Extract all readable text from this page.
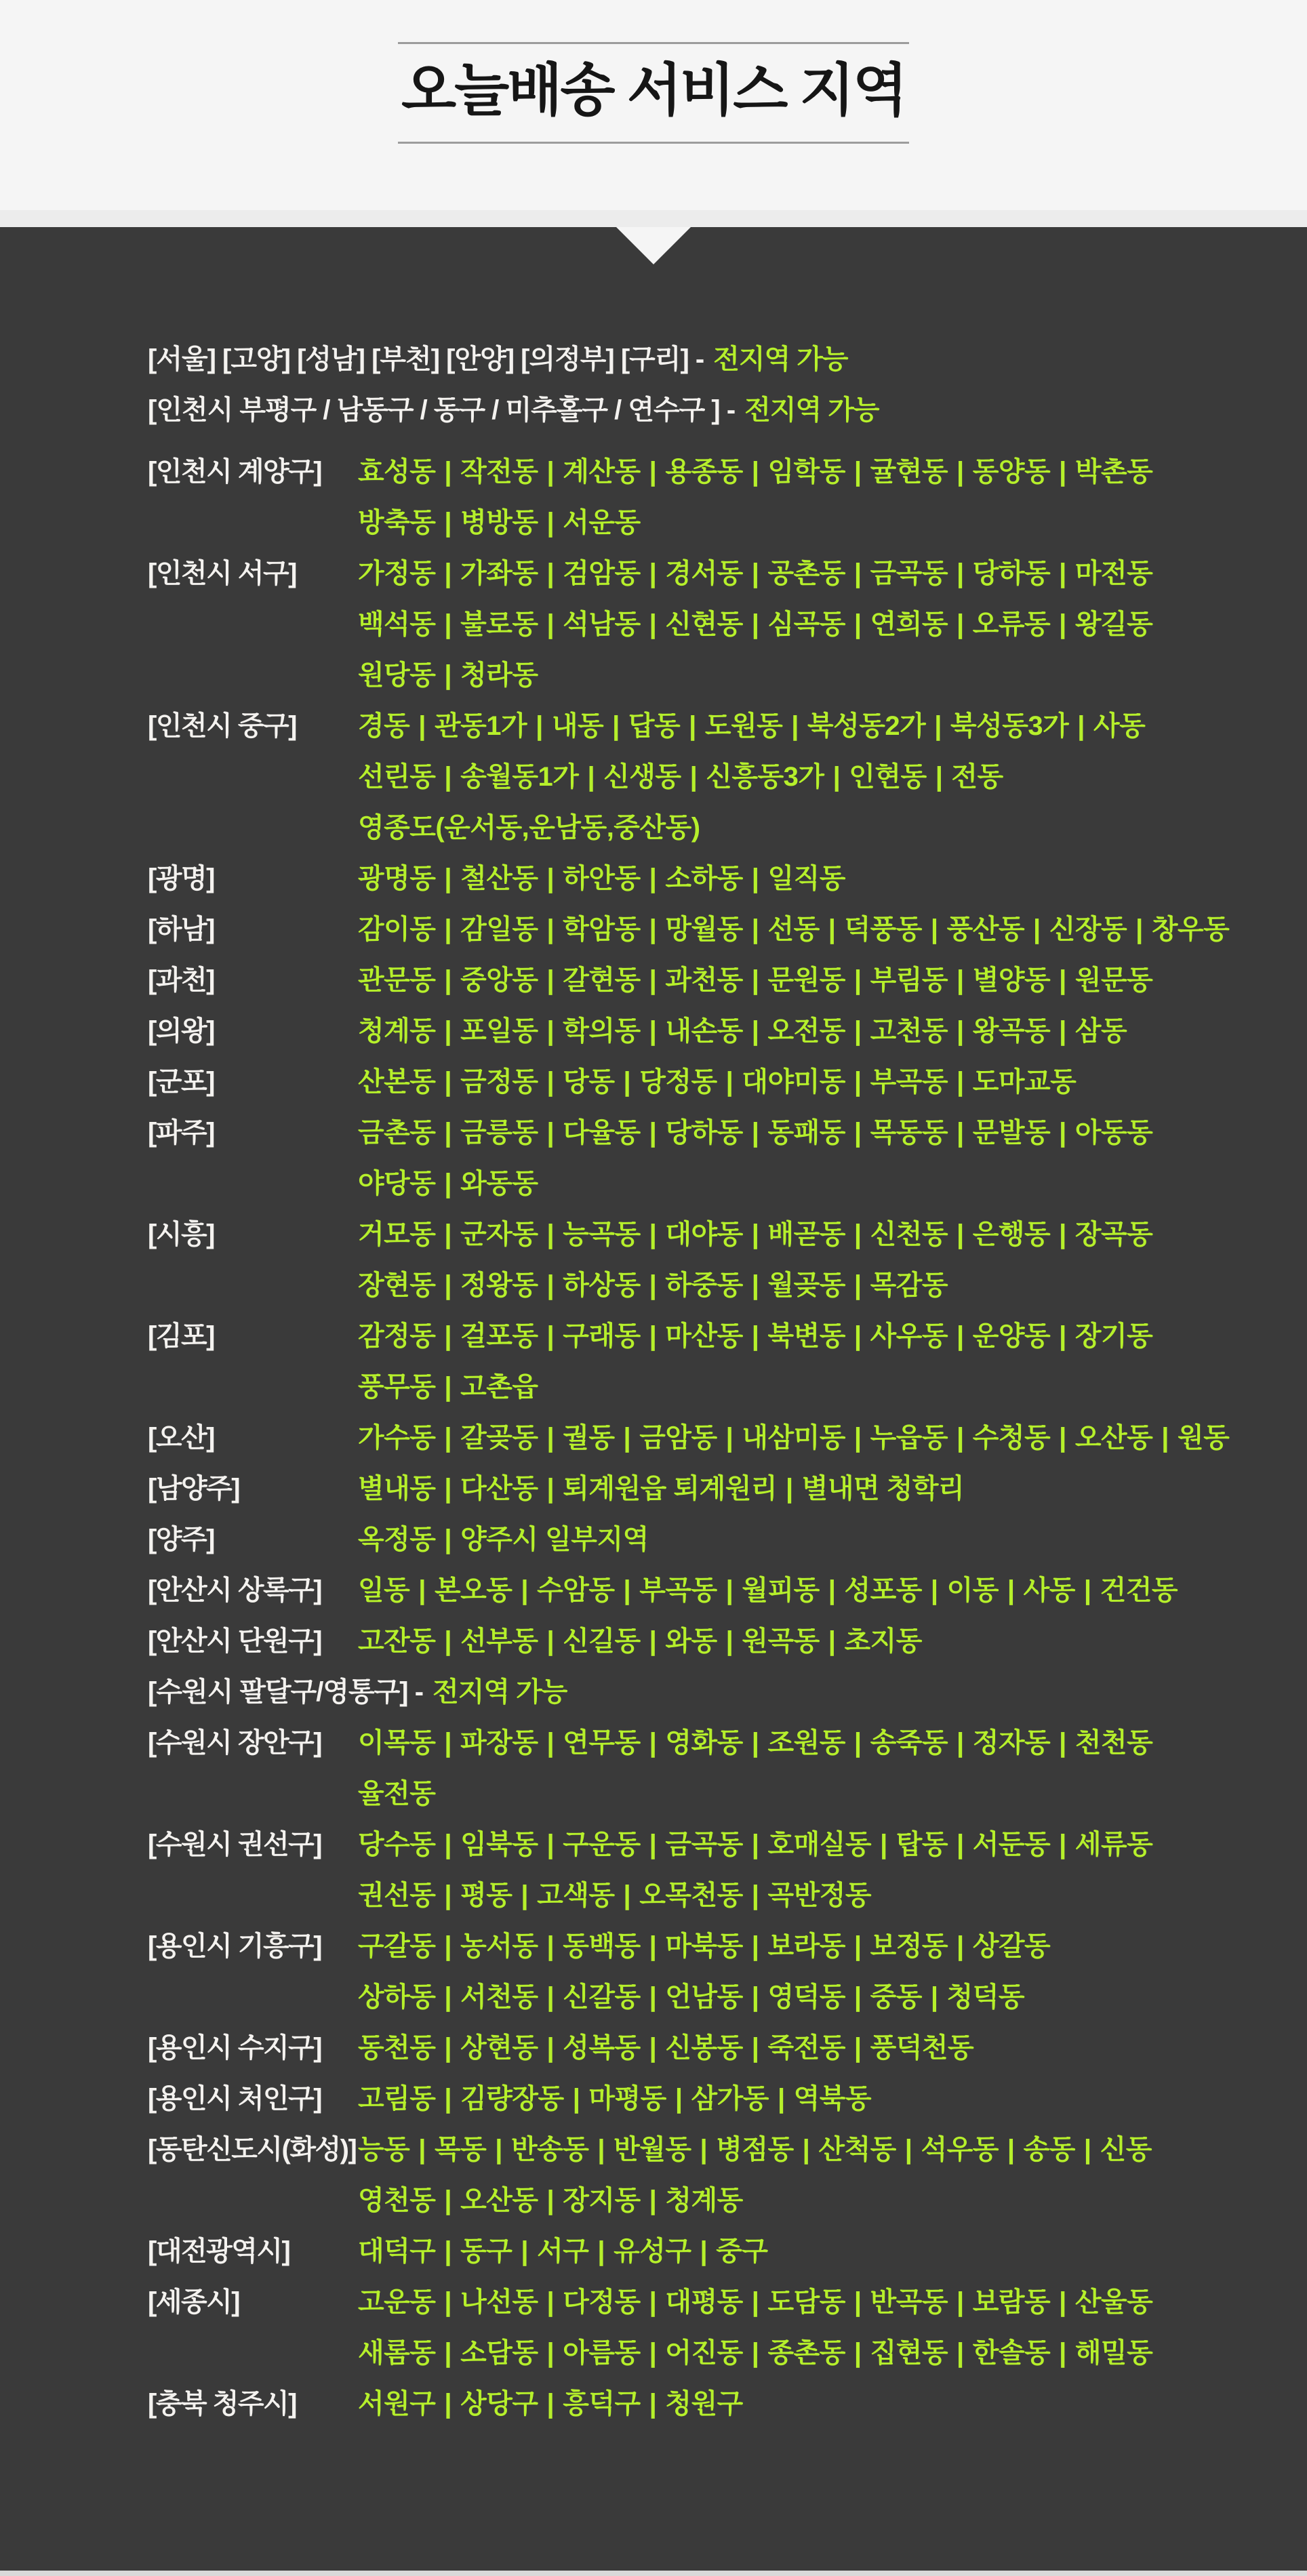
오늘배송 서비스 지역
[서울] [고양] [성남] [부천] [안양] [의정부] [구리] - 전지역 가능
[인천시 부평구 / 남동구 / 동구 / 미추홀구 / 연수구 ] - 전지역 가능
[인천시 계양구]	효성동 | 작전동 | 계산동 | 용종동 | 임학동 | 귤현동 | 동양동 | 박촌동
방축동 | 병방동 | 서운동
[인천시 서구]	가정동 | 가좌동 | 검암동 | 경서동 | 공촌동 | 금곡동 | 당하동 | 마전동
백석동 | 불로동 | 석남동 | 신현동 | 심곡동 | 연희동 | 오류동 | 왕길동
원당동 | 청라동
[인천시 중구]	경동 | 관동1가 | 내동 | 답동 | 도원동 | 북성동2가 | 북성동3가 | 사동
선린동 | 송월동1가 | 신생동 | 신흥동3가 | 인현동 | 전동
영종도(운서동,운남동,중산동)
[광명]	광명동 | 철산동 | 하안동 | 소하동 | 일직동
[하남]	감이동 | 감일동 | 학암동 | 망월동 | 선동 | 덕풍동 | 풍산동 | 신장동 | 창우동
[과천]	관문동 | 중앙동 | 갈현동 | 과천동 | 문원동 | 부림동 | 별양동 | 원문동
[의왕]	청계동 | 포일동 | 학의동 | 내손동 | 오전동 | 고천동 | 왕곡동 | 삼동
[군포]	산본동 | 금정동 | 당동 | 당정동 | 대야미동 | 부곡동 | 도마교동
[파주]	금촌동 | 금릉동 | 다율동 | 당하동 | 동패동 | 목동동 | 문발동 | 아동동
야당동 | 와동동
[시흥]	거모동 | 군자동 | 능곡동 | 대야동 | 배곧동 | 신천동 | 은행동 | 장곡동
장현동 | 정왕동 | 하상동 | 하중동 | 월곶동 | 목감동
[김포]	감정동 | 걸포동 | 구래동 | 마산동 | 북변동 | 사우동 | 운양동 | 장기동
풍무동 | 고촌읍
[오산]	가수동 | 갈곶동 | 궐동 | 금암동 | 내삼미동 | 누읍동 | 수청동 | 오산동 | 원동
[남양주]	별내동 | 다산동 | 퇴계원읍 퇴계원리 | 별내면 청학리
[양주]	옥정동 | 양주시 일부지역
[안산시 상록구]	일동 | 본오동 | 수암동 | 부곡동 | 월피동 | 성포동 | 이동 | 사동 | 건건동
[안산시 단원구]	고잔동 | 선부동 | 신길동 | 와동 | 원곡동 | 초지동
[수원시 팔달구/영통구] - 전지역 가능
[수원시 장안구]	이목동 | 파장동 | 연무동 | 영화동 | 조원동 | 송죽동 | 정자동 | 천천동
율전동
[수원시 권선구]	당수동 | 임북동 | 구운동 | 금곡동 | 호매실동 | 탑동 | 서둔동 | 세류동
권선동 | 평동 | 고색동 | 오목천동 | 곡반정동
[용인시 기흥구]	구갈동 | 농서동 | 동백동 | 마북동 | 보라동 | 보정동 | 상갈동
상하동 | 서천동 | 신갈동 | 언남동 | 영덕동 | 중동 | 청덕동
[용인시 수지구]	동천동 | 상현동 | 성복동 | 신봉동 | 죽전동 | 풍덕천동
[용인시 처인구]	고림동 | 김량장동 | 마평동 | 삼가동 | 역북동
[동탄신도시(화성)] 능동 | 목동 | 반송동 | 반월동 | 병점동 | 산척동 | 석우동 | 송동 | 신동
영천동 | 오산동 | 장지동 | 청계동
[대전광역시]	대덕구 | 동구 | 서구 | 유성구 | 중구
[세종시]	고운동 | 나선동 | 다정동 | 대평동 | 도담동 | 반곡동 | 보람동 | 산울동
새롬동 | 소담동 | 아름동 | 어진동 | 종촌동 | 집현동 | 한솔동 | 해밀동
[충북 청주시]	서원구 | 상당구 | 흥덕구 | 청원구
